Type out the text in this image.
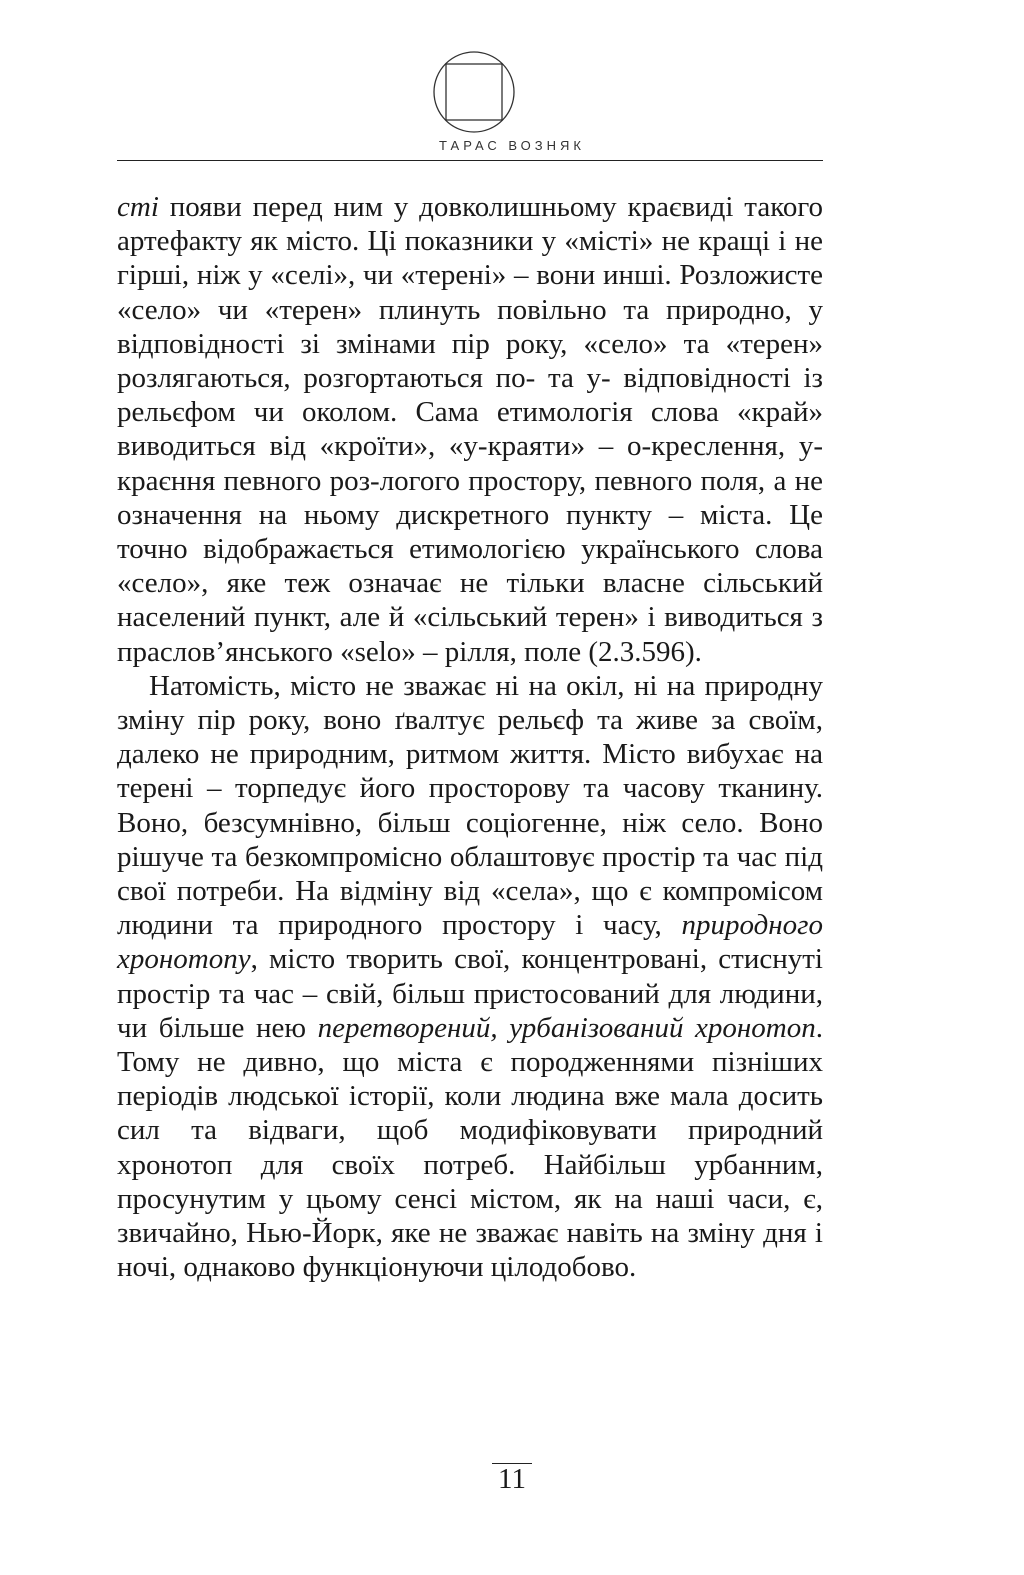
ТАРАС ВОЗНЯК

сті появи перед ним у довколишньому краєвиді такого артефакту як місто. Ці показники у «місті» не кращі і не гірші, ніж у «селі», чи «терені» – вони инші. Розложисте «село» чи «терен» плинуть повільно та природно, у відповідності зі змінами пір року, «село» та «терен» розлягаються, розгортаються по- та у- відповідності із рельєфом чи околом. Сама етимологія слова «край» виводиться від «кроїти», «у-краяти» – о-креслення, у-краєння певного роз-логого простору, певного поля, а не означення на ньому дискретного пункту – міста. Це точно відображається етимологією українського слова «село», яке теж означає не тільки власне сільський населений пункт, але й «сільський терен» і виводиться з праслов’янського «selo» – рілля, поле (2.3.596).

Натомість, місто не зважає ні на окіл, ні на природну зміну пір року, воно ґвалтує рельєф та живе за своїм, далеко не природним, ритмом життя. Місто вибухає на терені – торпедує його просторову та часову тканину. Воно, безсумнівно, більш соціогенне, ніж село. Воно рішуче та безкомпромісно облаштовує простір та час під свої потреби. На відміну від «села», що є компромісом людини та природного простору і часу, природного хронотопу, місто творить свої, концентровані, стиснуті простір та час – свій, більш пристосований для людини, чи більше нею перетворений, урбанізований хронотоп. Тому не дивно, що міста є породженнями пізніших періодів людської історії, коли людина вже мала досить сил та відваги, щоб модифіковувати природний хронотоп для своїх потреб. Найбільш урбанним, просунутим у цьому сенсі містом, як на наші часи, є, звичайно, Нью-Йорк, яке не зважає навіть на зміну дня і ночі, однаково функціонуючи цілодобово.

11
